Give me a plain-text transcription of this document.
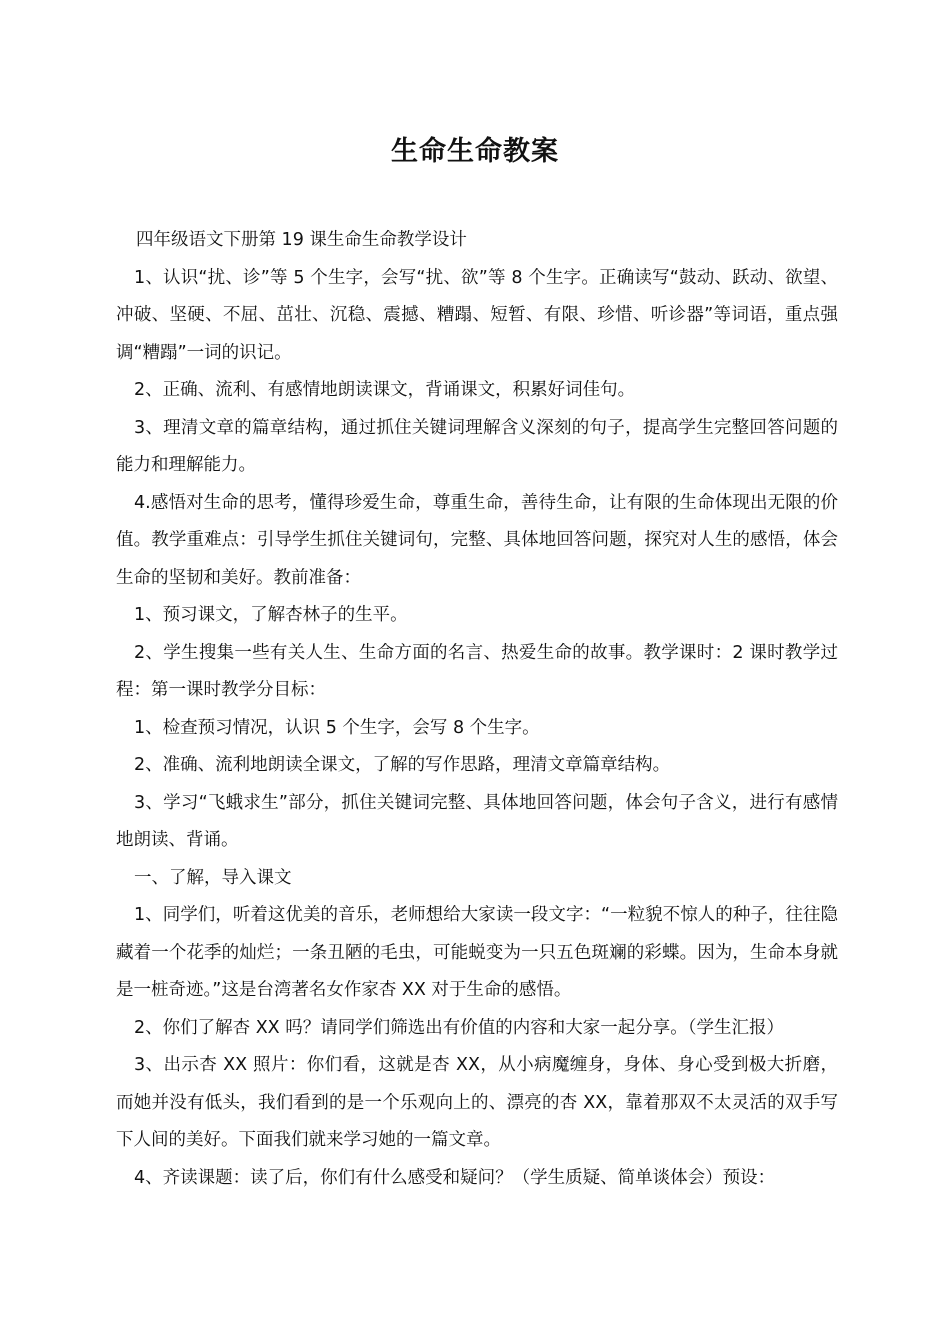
生命生命教案

四年级语文下册第 19 课生命生命教学设计

1、认识“扰、诊”等 5 个生字，会写“扰、欲”等 8 个生字。正确读写“鼓动、跃动、欲望、冲破、坚硬、不屈、茁壮、沉稳、震撼、糟蹋、短暂、有限、珍惜、听诊器”等词语，重点强调“糟蹋”一词的识记。

2、正确、流利、有感情地朗读课文，背诵课文，积累好词佳句。

3、理清文章的篇章结构，通过抓住关键词理解含义深刻的句子，提高学生完整回答问题的能力和理解能力。

4.感悟对生命的思考，懂得珍爱生命，尊重生命，善待生命，让有限的生命体现出无限的价值。教学重难点：引导学生抓住关键词句，完整、具体地回答问题，探究对人生的感悟，体会生命的坚韧和美好。教前准备：

1、预习课文，了解杏林子的生平。

2、学生搜集一些有关人生、生命方面的名言、热爱生命的故事。教学课时：2 课时教学过程：第一课时教学分目标：

1、检查预习情况，认识 5 个生字，会写 8 个生字。

2、准确、流利地朗读全课文，了解的写作思路，理清文章篇章结构。

3、学习“飞蛾求生”部分，抓住关键词完整、具体地回答问题，体会句子含义，进行有感情地朗读、背诵。

一、了解，导入课文

1、同学们，听着这优美的音乐，老师想给大家读一段文字：“一粒貌不惊人的种子，往往隐藏着一个花季的灿烂；一条丑陋的毛虫，可能蜕变为一只五色斑斓的彩蝶。因为，生命本身就是一桩奇迹。”这是台湾著名女作家杏 XX 对于生命的感悟。

2、你们了解杏 XX 吗？请同学们筛选出有价值的内容和大家一起分享。（学生汇报）

3、出示杏 XX 照片：你们看，这就是杏 XX，从小病魔缠身，身体、身心受到极大折磨，而她并没有低头，我们看到的是一个乐观向上的、漂亮的杏 XX，靠着那双不太灵活的双手写下人间的美好。下面我们就来学习她的一篇文章。

4、齐读课题：读了后，你们有什么感受和疑问？（学生质疑、简单谈体会）预设：
